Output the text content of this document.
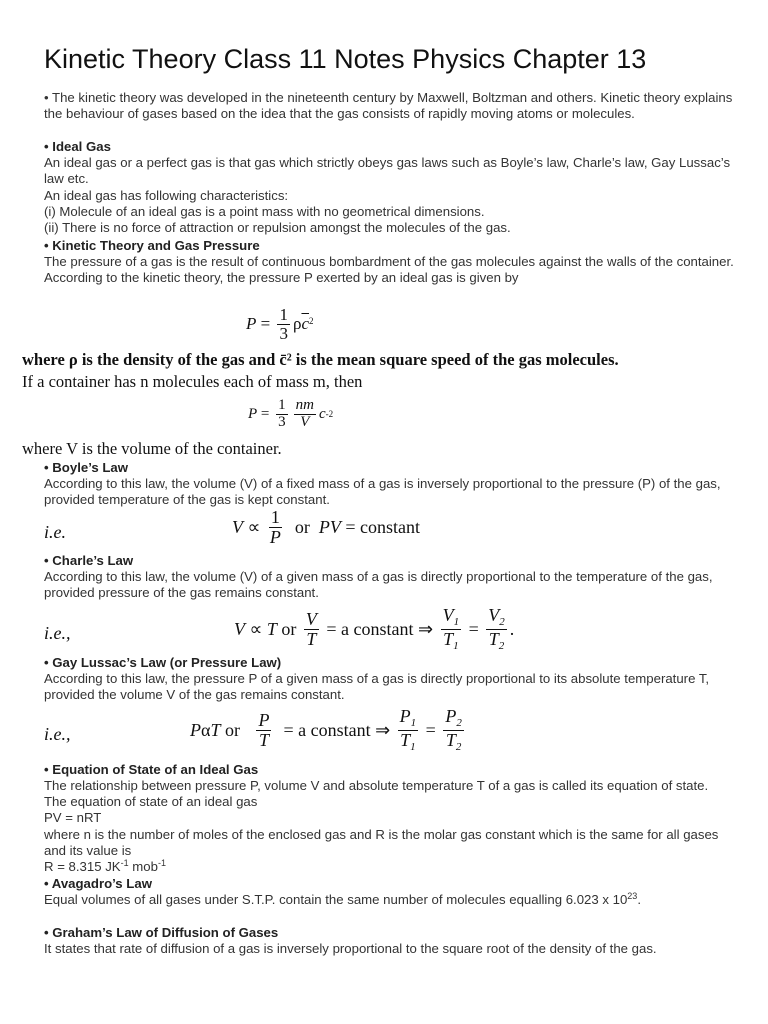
Kinetic Theory Class 11 Notes Physics Chapter 13

• The kinetic theory was developed in the nineteenth century by Maxwell, Boltzman and others. Kinetic theory explains the behaviour of gases based on the idea that the gas consists of rapidly moving atoms or molecules.

• Ideal Gas

An ideal gas or a perfect gas is that gas which strictly obeys gas laws such as Boyle’s law, Charle’s law, Gay Lussac’s law etc.

An ideal gas has following characteristics:

(i) Molecule of an ideal gas is a point mass with no geometrical dimensions.

(ii) There is no force of attraction or repulsion amongst the molecules of the gas.

• Kinetic Theory and Gas Pressure

The pressure of a gas is the result of continuous bombardment of the gas molecules against the walls of the container. According to the kinetic theory, the pressure P exerted by an ideal gas is given by

$P = \frac{1}{3} \rho\overline{c}^2$

where ρ is the density of the gas and c̄² is the mean square speed of the gas molecules.

If a container has n molecules each of mass m, then

$P = \frac{1}{3} \frac{nm}{V}$ c -2

where V is the volume of the container.

• Boyle’s Law

According to this law, the volume (V) of a fixed mass of a gas is inversely proportional to the pressure (P) of the gas, provided temperature of the gas is kept constant.

i.e.	$V \propto \frac{1}{P}$ or PV = constant

• Charle’s Law

According to this law, the volume (V) of a given mass of a gas is directly proportional to the temperature of the gas, provided pressure of the gas remains constant.

i.e.,	V ∝ T or $\frac{V}{T} = a$ constant ⇒ $\frac{V_1}{T_1} = \frac{V_2}{T_2}$ .

• Gay Lussac’s Law (or Pressure Law)

According to this law, the pressure P of a given mass of a gas is directly proportional to its absolute temperature T, provided the volume V of the gas remains constant.

i.e.,	P α T or $\frac{P}{T} = a$ constant ⇒ $\frac{P_1}{T_1} = \frac{P_2}{T_2}$

• Equation of State of an Ideal Gas

The relationship between pressure P, volume V and absolute temperature T of a gas is called its equation of state. The equation of state of an ideal gas

PV = nRT

where n is the number of moles of the enclosed gas and R is the molar gas constant which is the same for all gases and its value is

R = 8.315 $JK^{-1}$ mob$^{-1}$

• Avagadro’s Law

Equal volumes of all gases under S.T.P. contain the same number of molecules equalling 6.023 x $10^{23}$.

• Graham’s Law of Diffusion of Gases

It states that rate of diffusion of a gas is inversely proportional to the square root of the density of the gas.
